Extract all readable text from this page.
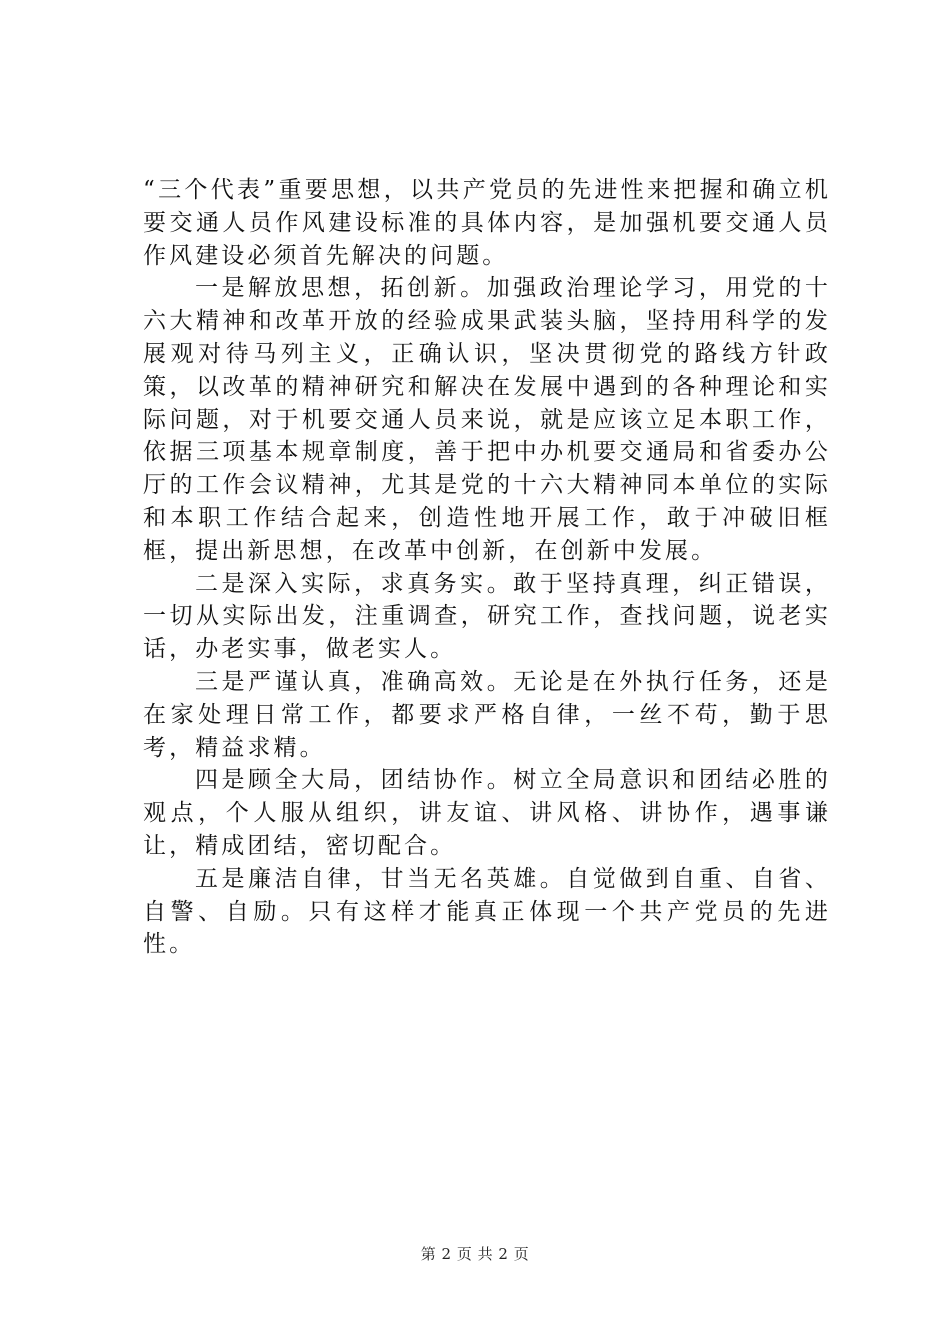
“三个代表”重要思想，以共产党员的先进性来把握和确立机要交通人员作风建设标准的具体内容，是加强机要交通人员作风建设必须首先解决的问题。

一是解放思想，拓创新。加强政治理论学习，用党的十六大精神和改革开放的经验成果武装头脑，坚持用科学的发展观对待马列主义，正确认识，坚决贯彻党的路线方针政策，以改革的精神研究和解决在发展中遇到的各种理论和实际问题，对于机要交通人员来说，就是应该立足本职工作，依据三项基本规章制度，善于把中办机要交通局和省委办公厅的工作会议精神，尤其是党的十六大精神同本单位的实际和本职工作结合起来，创造性地开展工作，敢于冲破旧框框，提出新思想，在改革中创新，在创新中发展。

二是深入实际，求真务实。敢于坚持真理，纠正错误，一切从实际出发，注重调查，研究工作，查找问题，说老实话，办老实事，做老实人。

三是严谨认真，准确高效。无论是在外执行任务，还是在家处理日常工作，都要求严格自律，一丝不苟，勤于思考，精益求精。

四是顾全大局，团结协作。树立全局意识和团结必胜的观点，个人服从组织，讲友谊、讲风格、讲协作，遇事谦让，精成团结，密切配合。

五是廉洁自律，甘当无名英雄。自觉做到自重、自省、自警、自励。只有这样才能真正体现一个共产党员的先进性。

第 2 页 共 2 页
